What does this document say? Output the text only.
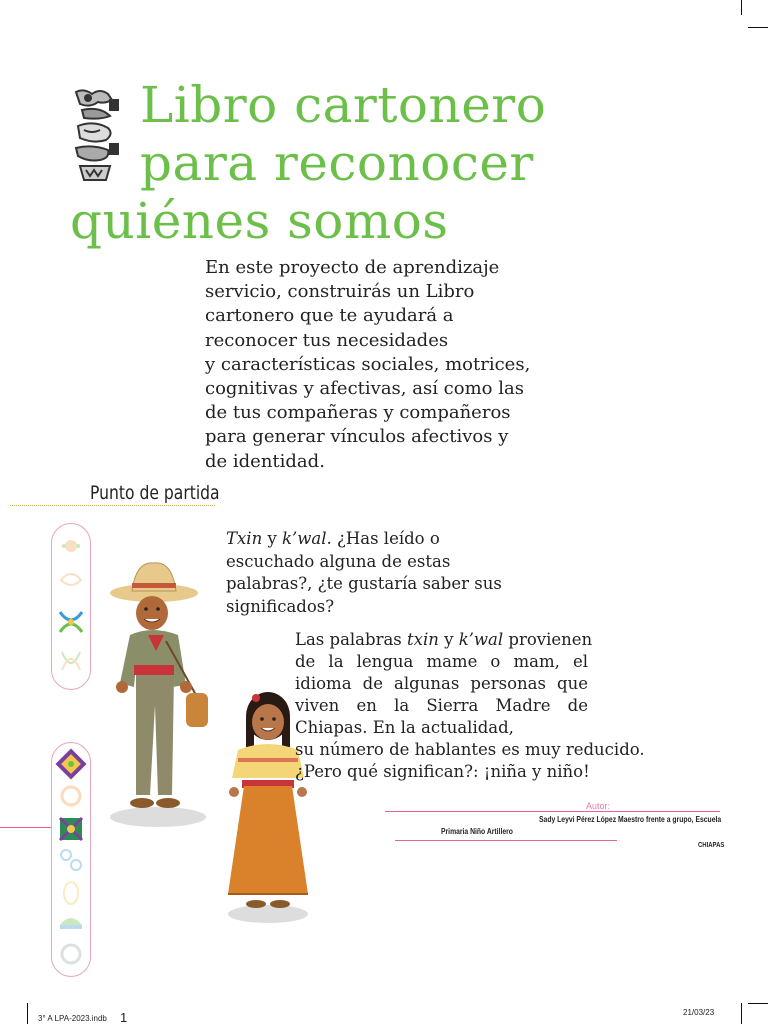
Libro cartonero
para reconocer
quiénes somos
En este proyecto de aprendizaje
servicio, construirás un Libro
cartonero que te ayudará a
reconocer tus necesidades
y características sociales, motrices,
cognitivas y afectivas, así como las
de tus compañeras y compañeros
para generar vínculos afectivos y
de identidad.
Punto de partida
Txin y k’wal. ¿Has leído o
escuchado alguna de estas
palabras?, ¿te gustaría saber sus
significados?
Las palabras txin y k’wal provienen
de la lengua mame o mam, el
idioma de algunas personas que
viven en la Sierra Madre de
Chiapas. En la actualidad,
su número de hablantes es muy reducido.
¿Pero qué significan?: ¡niña y niño!
Autor:
Sady Leyvi Pérez López Maestro frente a grupo, Escuela
Primaria Niño Artillero
CHIAPAS
3° A LPA-2023.indb 1	21/03/23
